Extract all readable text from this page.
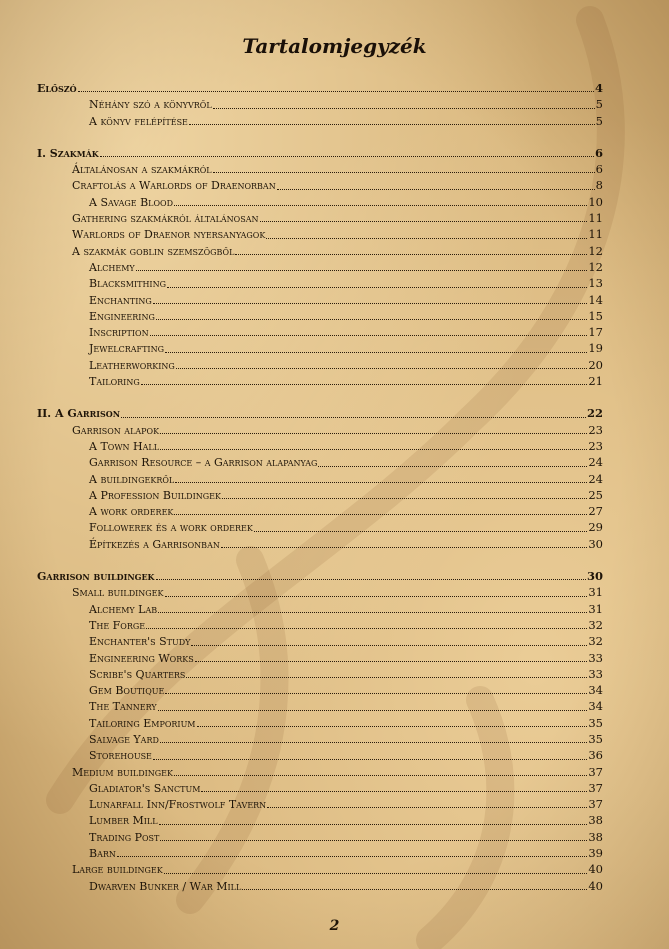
Tartalomjegyzék
Előszó	4
Néhány szó a könyvről	5
A könyv felépítése	5
I. Szakmák	6
Általánosan a szakmákról	6
Craftolás a Warlords of Draenorban	8
A Savage Blood	10
Gathering szakmákról általánosan	11
Warlords of Draenor nyersanyagok	11
A szakmák goblin szemszögből	12
Alchemy	12
Blacksmithing	13
Enchanting	14
Engineering	15
Inscription	17
Jewelcrafting	19
Leatherworking	20
Tailoring	21
II. A Garrison	22
Garrison alapok	23
A Town Hall	23
Garrison Resource – a Garrison alapanyag	24
A buildingekről	24
A Profession Buildingek	25
A work orderek	27
Followerek és a work orderek	29
Építkezés a Garrisonban	30
Garrison buildingek	30
Small buildingek	31
Alchemy Lab	31
The Forge	32
Enchanter's Study	32
Engineering Works	33
Scribe's Quarters	33
Gem Boutique	34
The Tannery	34
Tailoring Emporium	35
Salvage Yard	35
Storehouse	36
Medium buildingek	37
Gladiator's Sanctum	37
Lunarfall Inn/Frostwolf Tavern	37
Lumber Mill	38
Trading Post	38
Barn	39
Large buildingek	40
Dwarven Bunker / War Mill	40
2
